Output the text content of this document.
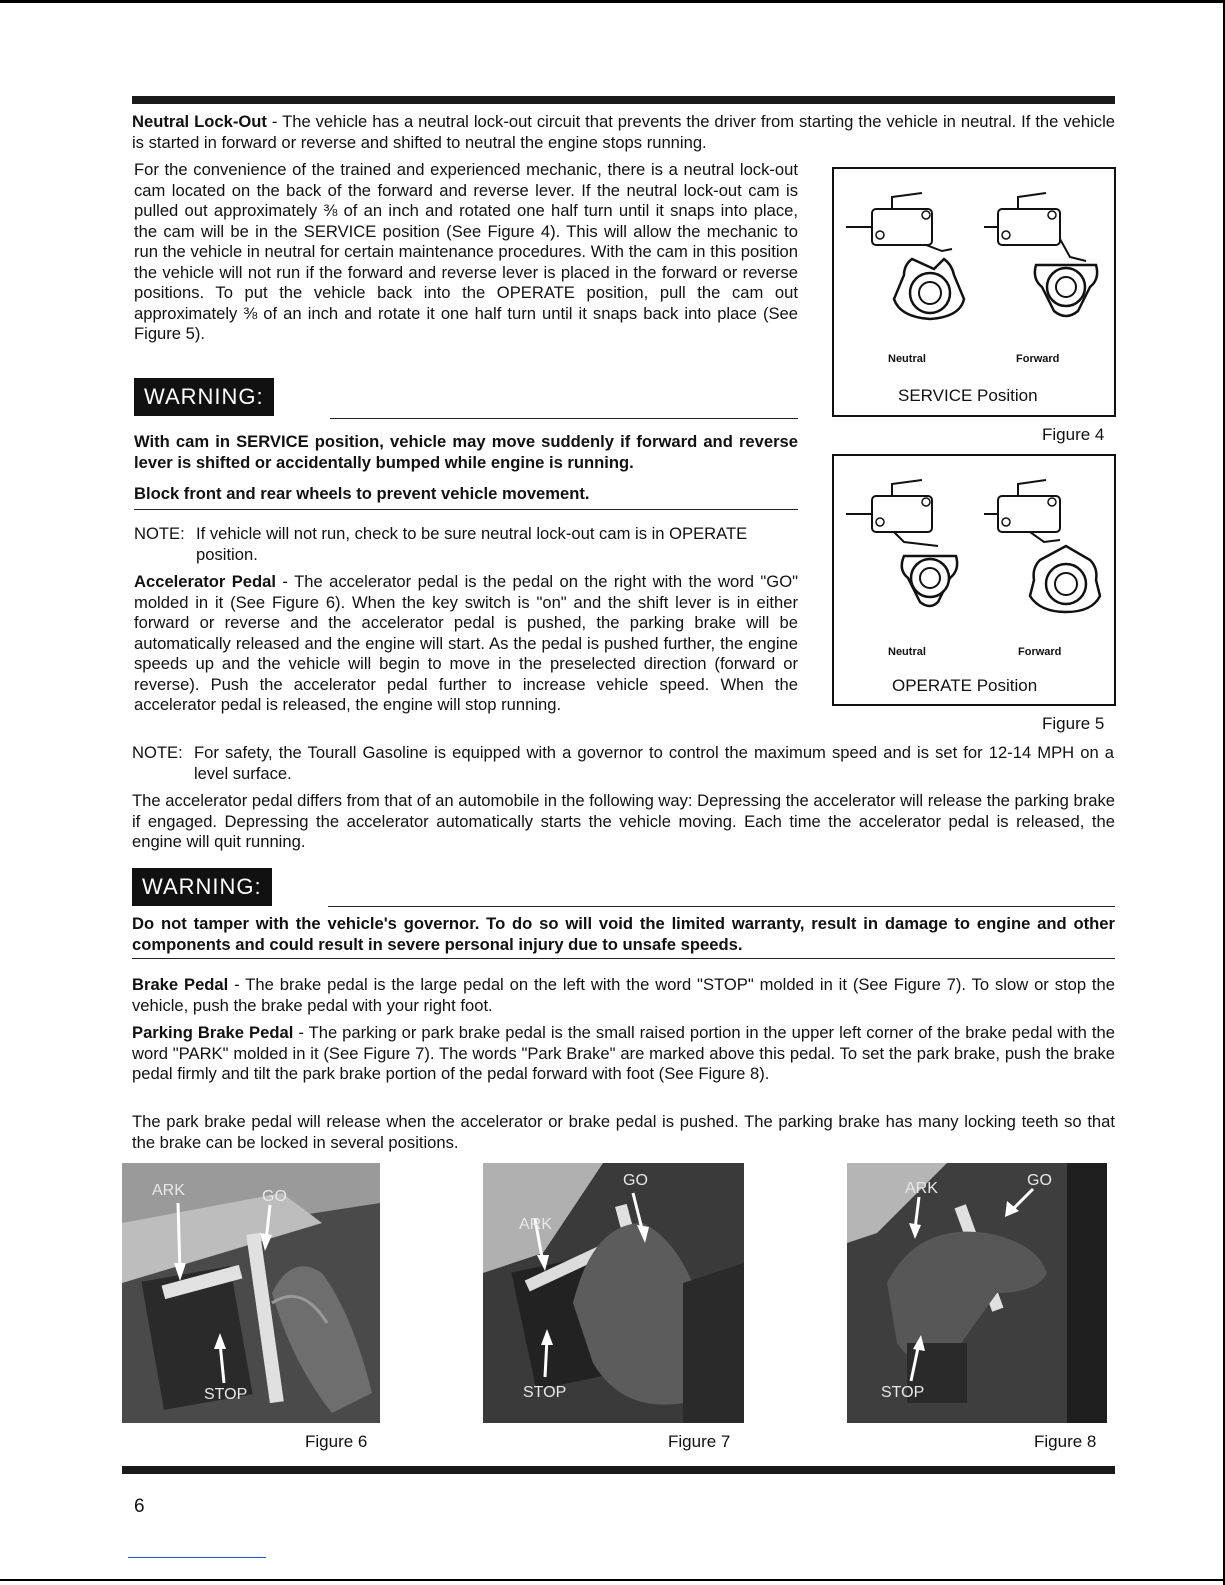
Neutral Lock-Out - The vehicle has a neutral lock-out circuit that prevents the driver from starting the vehicle in neutral. If the vehicle is started in forward or reverse and shifted to neutral the engine stops running.

For the convenience of the trained and experienced mechanic, there is a neutral lock-out cam located on the back of the forward and reverse lever. If the neutral lock-out cam is pulled out approximately ⅜ of an inch and rotated one half turn until it snaps into place, the cam will be in the SERVICE position (See Figure 4). This will allow the mechanic to run the vehicle in neutral for certain maintenance procedures. With the cam in this position the vehicle will not run if the forward and reverse lever is placed in the forward or reverse positions. To put the vehicle back into the OPERATE position, pull the cam out approximately ⅜ of an inch and rotate it one half turn until it snaps back into place (See Figure 5).

Neutral	Forward
SERVICE Position
Figure 4
WARNING:

With cam in SERVICE position, vehicle may move suddenly if forward and reverse lever is shifted or accidentally bumped while engine is running.

Block front and rear wheels to prevent vehicle movement.

NOTE: If vehicle will not run, check to be sure neutral lock-out cam is in OPERATE position.
Neutral	Forward
OPERATE Position
Figure 5

Accelerator Pedal - The accelerator pedal is the pedal on the right with the word "GO" molded in it (See Figure 6). When the key switch is "on" and the shift lever is in either forward or reverse and the accelerator pedal is pushed, the parking brake will be automatically released and the engine will start. As the pedal is pushed further, the engine speeds up and the vehicle will begin to move in the preselected direction (forward or reverse). Push the accelerator pedal further to increase vehicle speed. When the accelerator pedal is released, the engine will stop running.

NOTE: For safety, the Tourall Gasoline is equipped with a governor to control the maximum speed and is set for 12-14 MPH on a level surface.

The accelerator pedal differs from that of an automobile in the following way: Depressing the accelerator will release the parking brake if engaged. Depressing the accelerator automatically starts the vehicle moving. Each time the accelerator pedal is released, the engine will quit running.

WARNING:

Do not tamper with the vehicle's governor. To do so will void the limited warranty, result in damage to engine and other components and could result in severe personal injury due to unsafe speeds.

Brake Pedal - The brake pedal is the large pedal on the left with the word "STOP" molded in it (See Figure 7). To slow or stop the vehicle, push the brake pedal with your right foot.

Parking Brake Pedal - The parking or park brake pedal is the small raised portion in the upper left corner of the brake pedal with the word "PARK" molded in it (See Figure 7). The words "Park Brake" are marked above this pedal. To set the park brake, push the brake pedal firmly and tilt the park brake portion of the pedal forward with foot (See Figure 8).

The park brake pedal will release when the accelerator or brake pedal is pushed. The parking brake has many locking teeth so that the brake can be locked in several positions.

ARK	GO
STOP
Figure 6
ARK
GO
STOP
Figure 7
ARK	GO
STOP
Figure 8
6
